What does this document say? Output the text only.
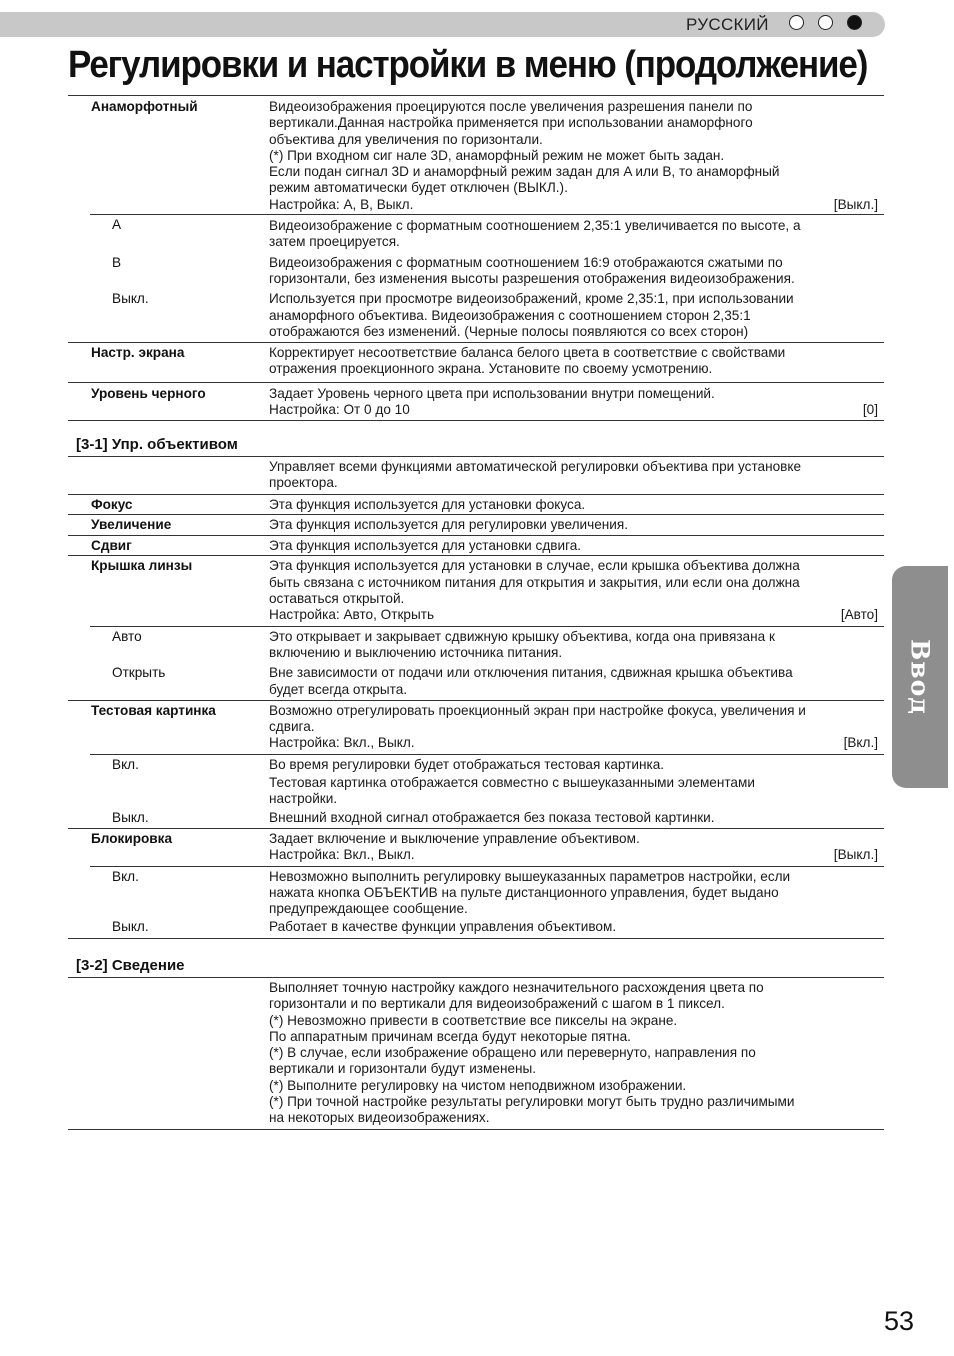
РУССКИЙ
Регулировки и настройки в меню (продолжение)
Ввод
53
Анаморфотный	Видеоизображения проецируются после увеличения разрешения панели по
вертикали.Данная настройка применяется при использовании анаморфного
объектива для увеличения по горизонтали.
(*) При входном сиг нале 3D, анаморфный режим не может быть задан.
Если подан сигнал 3D и анаморфный режим задан для A или B, то анаморфный
режим автоматически будет отключен (ВЫКЛ.).
Настройка: A, B, Выкл.	[Выкл.]
A	Видеоизображение с форматным соотношением 2,35:1 увеличивается по высоте, а
затем проецируется.
B	Видеоизображения с форматным соотношением 16:9 отображаются сжатыми по
горизонтали, без изменения высоты разрешения отображения видеоизображения.
Выкл.	Используется при просмотре видеоизображений, кроме 2,35:1, при использовании
анаморфного объектива. Видеоизображения с соотношением сторон 2,35:1
отображаются без изменений. (Черные полосы появляются со всех сторон)
Настр. экрана	Корректирует несоответствие баланса белого цвета в соответствие с свойствами
отражения проекционного экрана. Установите по своему усмотрению.
Уровень черного	Задает Уровень черного цвета при использовании внутри помещений.
Настройка: От 0 до 10	[0]
[3-1] Упр. объективом
Управляет всеми функциями автоматической регулировки объектива при установке
проектора.
Фокус	Эта функция используется для установки фокуса.
Увеличение	Эта функция используется для регулировки увеличения.
Сдвиг	Эта функция используется для установки сдвига.
Крышка линзы	Эта функция используется для установки в случае, если крышка объектива должна
быть связана с источником питания для открытия и закрытия, или если она должна
оставаться открытой.
Настройка: Авто, Открыть	[Авто]
Авто	Это открывает и закрывает сдвижную крышку объектива, когда она привязана к
включению и выключению источника питания.
Открыть	Вне зависимости от подачи или отключения питания, сдвижная крышка объектива
будет всегда открыта.
Тестовая картинка	Возможно отрегулировать проекционный экран при настройке фокуса, увеличения и
сдвига.
Настройка: Вкл., Выкл.	[Вкл.]
Вкл.	Во время регулировки будет отображаться тестовая картинка.
Тестовая картинка отображается совместно с вышеуказанными элементами
настройки.
Выкл.	Внешний входной сигнал отображается без показа тестовой картинки.
Блокировка	Задает включение и выключение управление объективом.
Настройка: Вкл., Выкл.	[Выкл.]
Вкл.	Невозможно выполнить регулировку вышеуказанных параметров настройки, если
нажата кнопка ОБЪЕКТИВ на пульте дистанционного управления, будет выдано
предупреждающее сообщение.
Выкл.	Работает в качестве функции управления объективом.
[3-2] Сведение
Выполняет точную настройку каждого незначительного расхождения цвета по
горизонтали и по вертикали для видеоизображений с шагом в 1 пиксел.
(*) Невозможно привести в соответствие все пикселы на экране.
По аппаратным причинам всегда будут некоторые пятна.
(*) В случае, если изображение обращено или перевернуто, направления по
вертикали и горизонтали будут изменены.
(*) Выполните регулировку на чистом неподвижном изображении.
(*) При точной настройке результаты регулировки могут быть трудно различимыми
на некоторых видеоизображениях.
